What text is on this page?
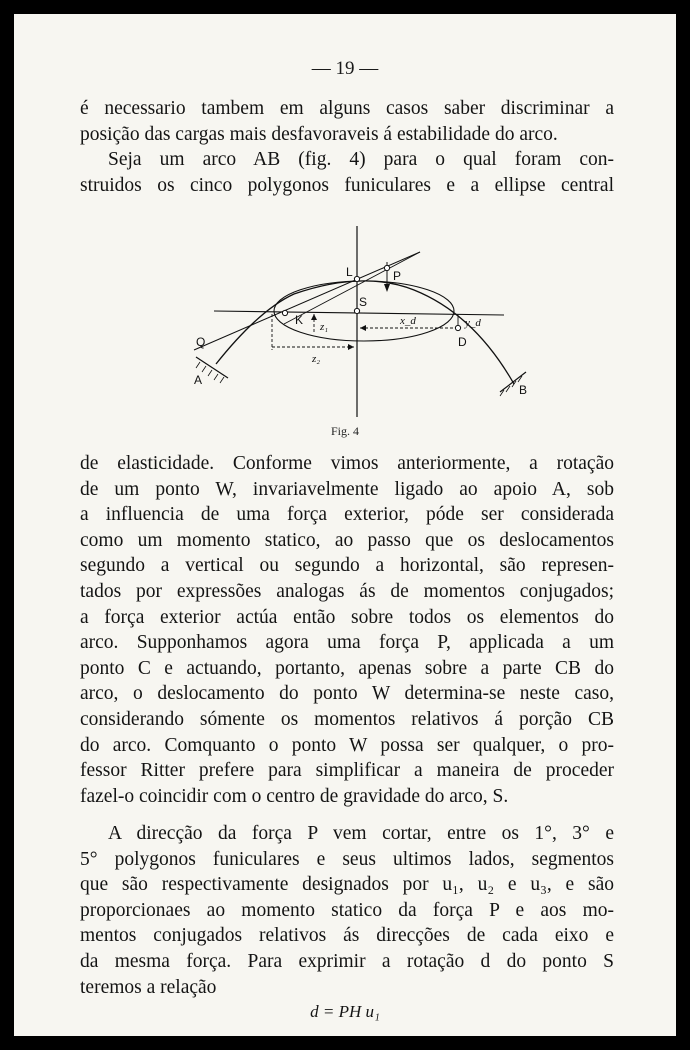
— 19 —
é necessario tambem em alguns casos saber discriminar a
posição das cargas mais desfavoraveis á estabilidade do arco.
Seja um arco AB (fig. 4) para o qual foram con-
struidos os cinco polygonos funiculares e a ellipse central
L	P
S
K
Q
A
B
D
z₁
z₂
x_d	y_d
Fig. 4
de elasticidade. Conforme vimos anteriormente, a rotação
de um ponto W, invariavelmente ligado ao apoio A, sob
a influencia de uma força exterior, póde ser considerada
como um momento statico, ao passo que os deslocamentos
segundo a vertical ou segundo a horizontal, são represen-
tados por expressões analogas ás de momentos conjugados;
a força exterior actúa então sobre todos os elementos do
arco. Supponhamos agora uma força P, applicada a um
ponto C e actuando, portanto, apenas sobre a parte CB do
arco, o deslocamento do ponto W determina-se neste caso,
considerando sómente os momentos relativos á porção CB
do arco. Comquanto o ponto W possa ser qualquer, o pro-
fessor Ritter prefere para simplificar a maneira de proceder
fazel-o coincidir com o centro de gravidade do arco, S.
A direcção da força P vem cortar, entre os 1°, 3° e
5° polygonos funiculares e seus ultimos lados, segmentos
que são respectivamente designados por u₁, u₂ e u₃, e são
proporcionaes ao momento statico da força P e aos mo-
mentos conjugados relativos ás direcções de cada eixo e
da mesma força. Para exprimir a rotação d do ponto S
teremos a relação
d = PH u₁
